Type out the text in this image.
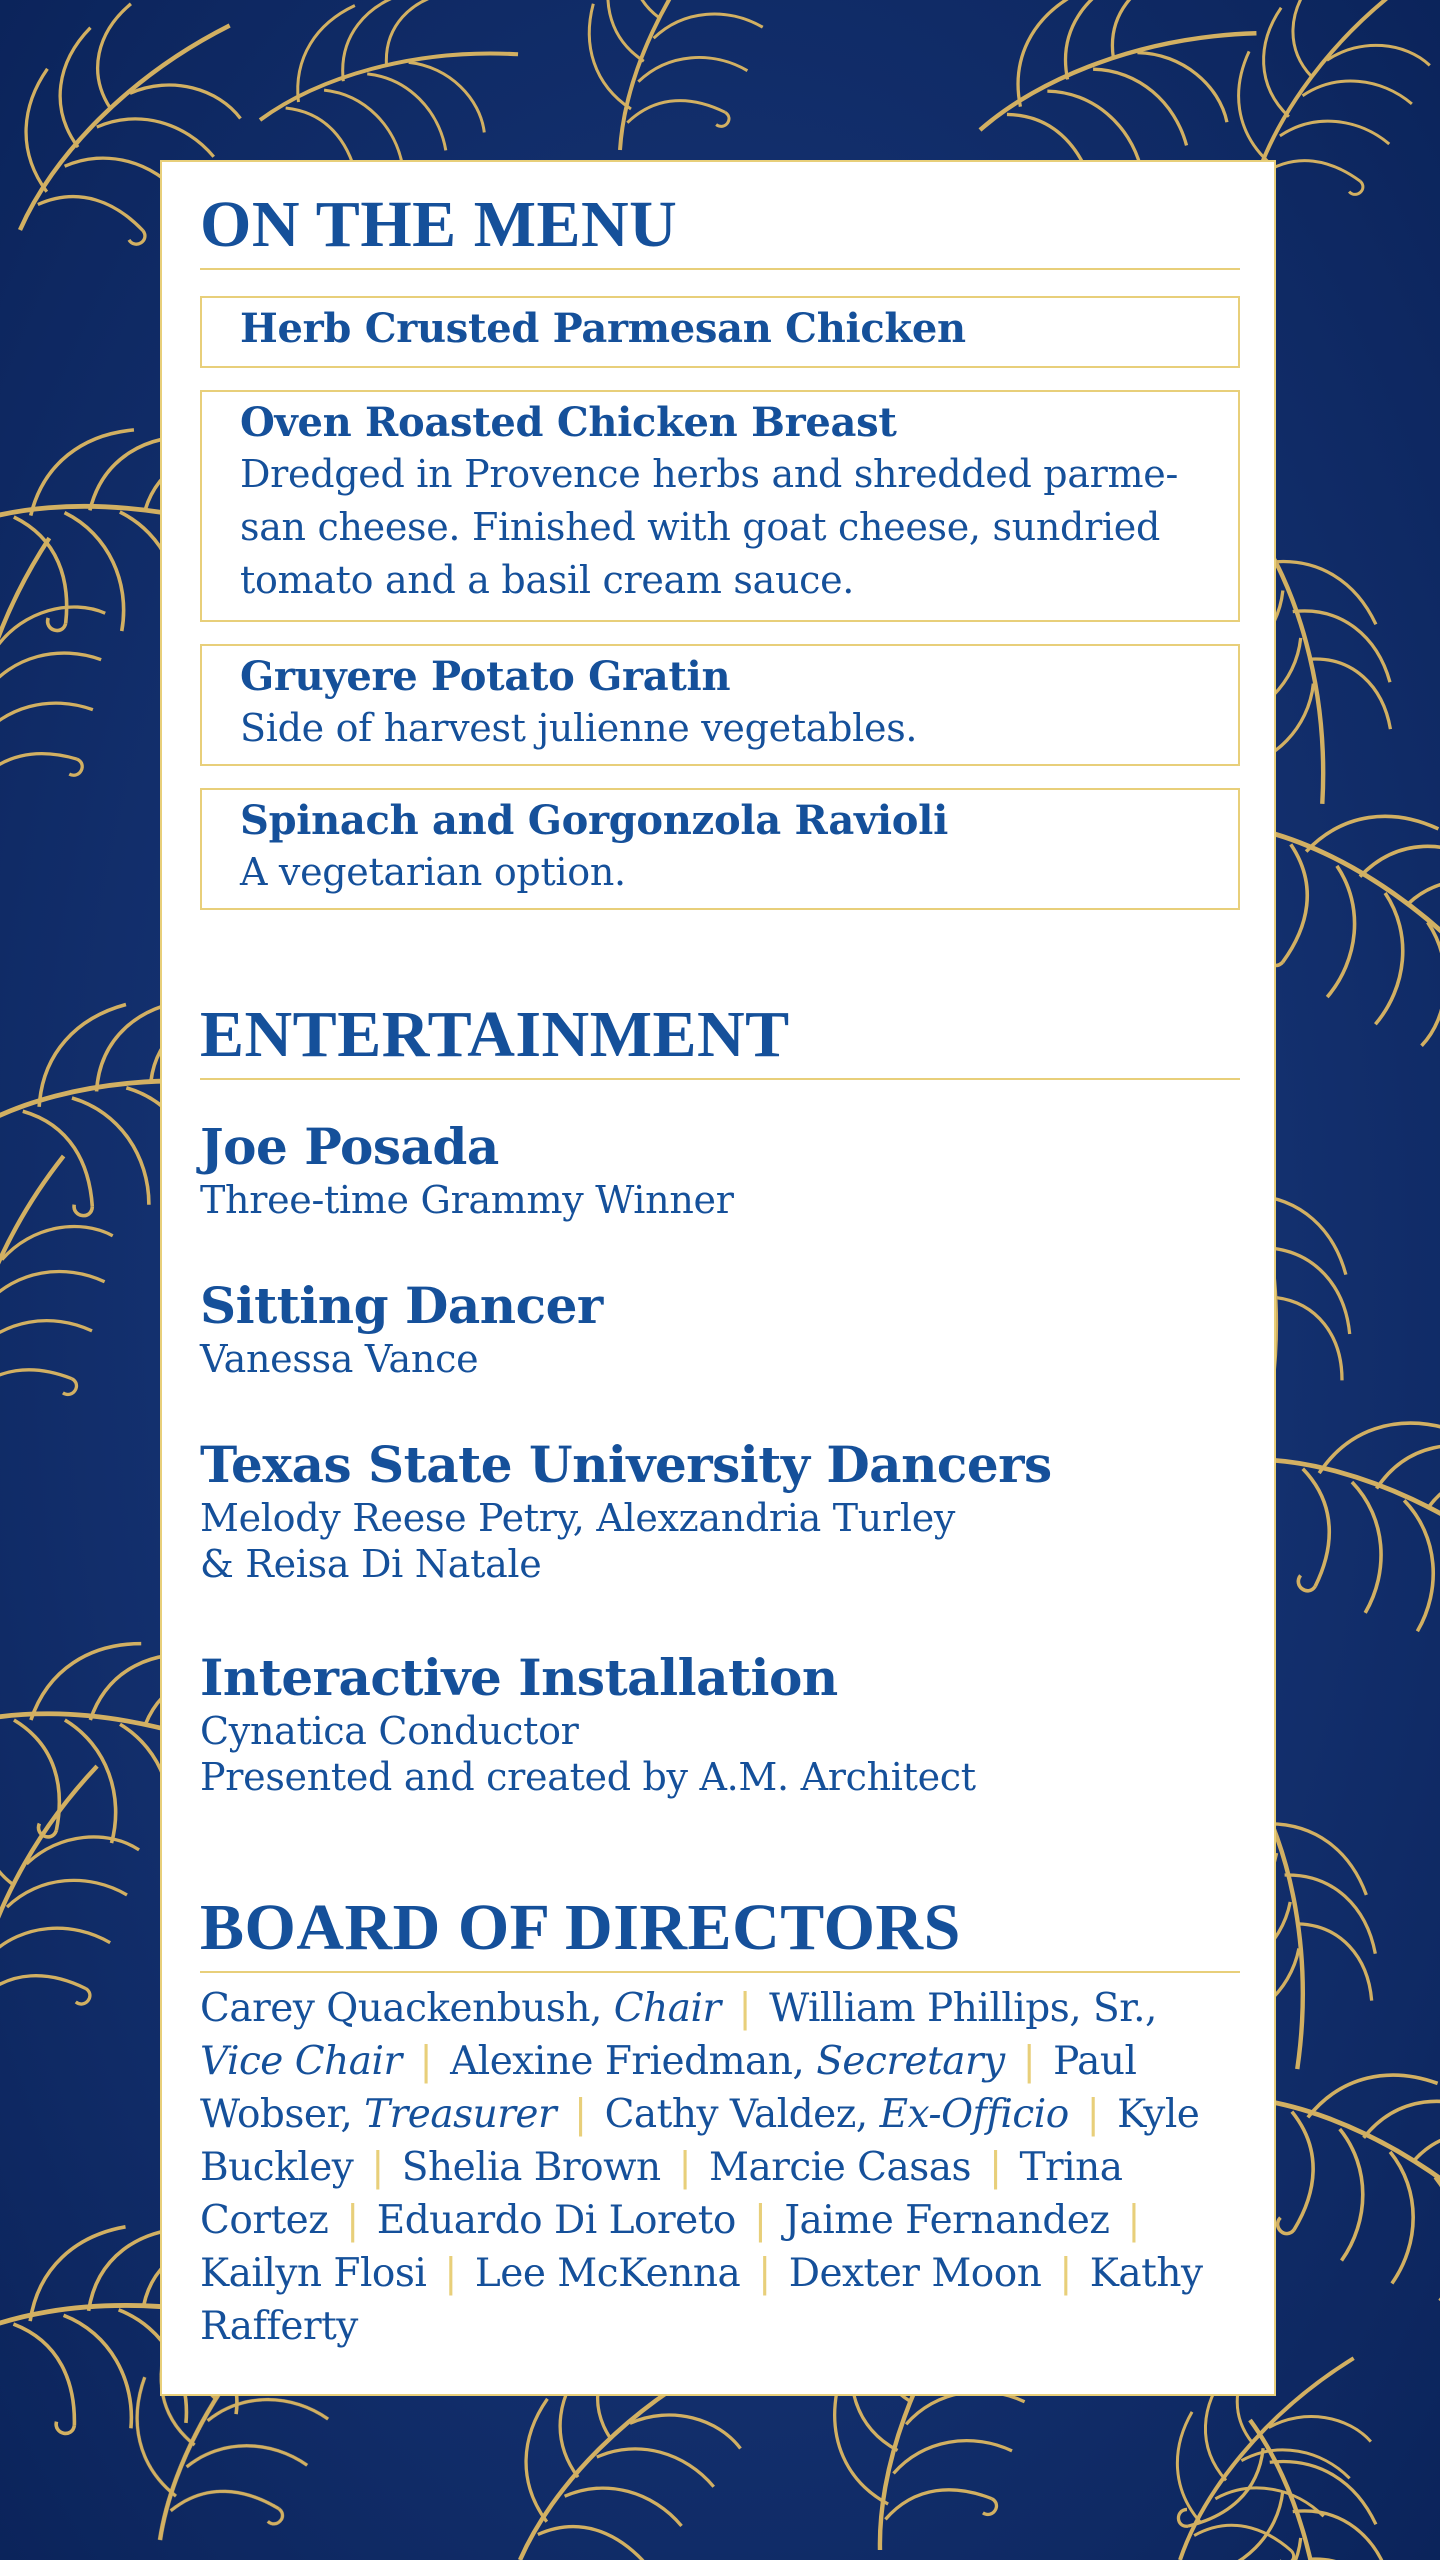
ON THE MENU
Herb Crusted Parmesan Chicken
Oven Roasted Chicken Breast
Dredged in Provence herbs and shredded parme- san cheese. Finished with goat cheese, sundried tomato and a basil cream sauce.
Gruyere Potato Gratin
Side of harvest julienne vegetables.
Spinach and Gorgonzola Ravioli
A vegetarian option.
ENTERTAINMENT
Joe Posada
Three-time Grammy Winner
Sitting Dancer
Vanessa Vance
Texas State University Dancers
Melody Reese Petry, Alexzandria Turley
& Reisa Di Natale
Interactive Installation
Cynatica Conductor
Presented and created by A.M. Architect
BOARD OF DIRECTORS
Carey Quackenbush, Chair | William Phillips, Sr., Vice Chair | Alexine Friedman, Secretary | Paul Wobser, Treasurer | Cathy Valdez, Ex-Officio | Kyle Buckley | Shelia Brown | Marcie Casas | Trina Cortez | Eduardo Di Loreto | Jaime Fernandez | Kailyn Flosi | Lee McKenna | Dexter Moon | Kathy Rafferty
